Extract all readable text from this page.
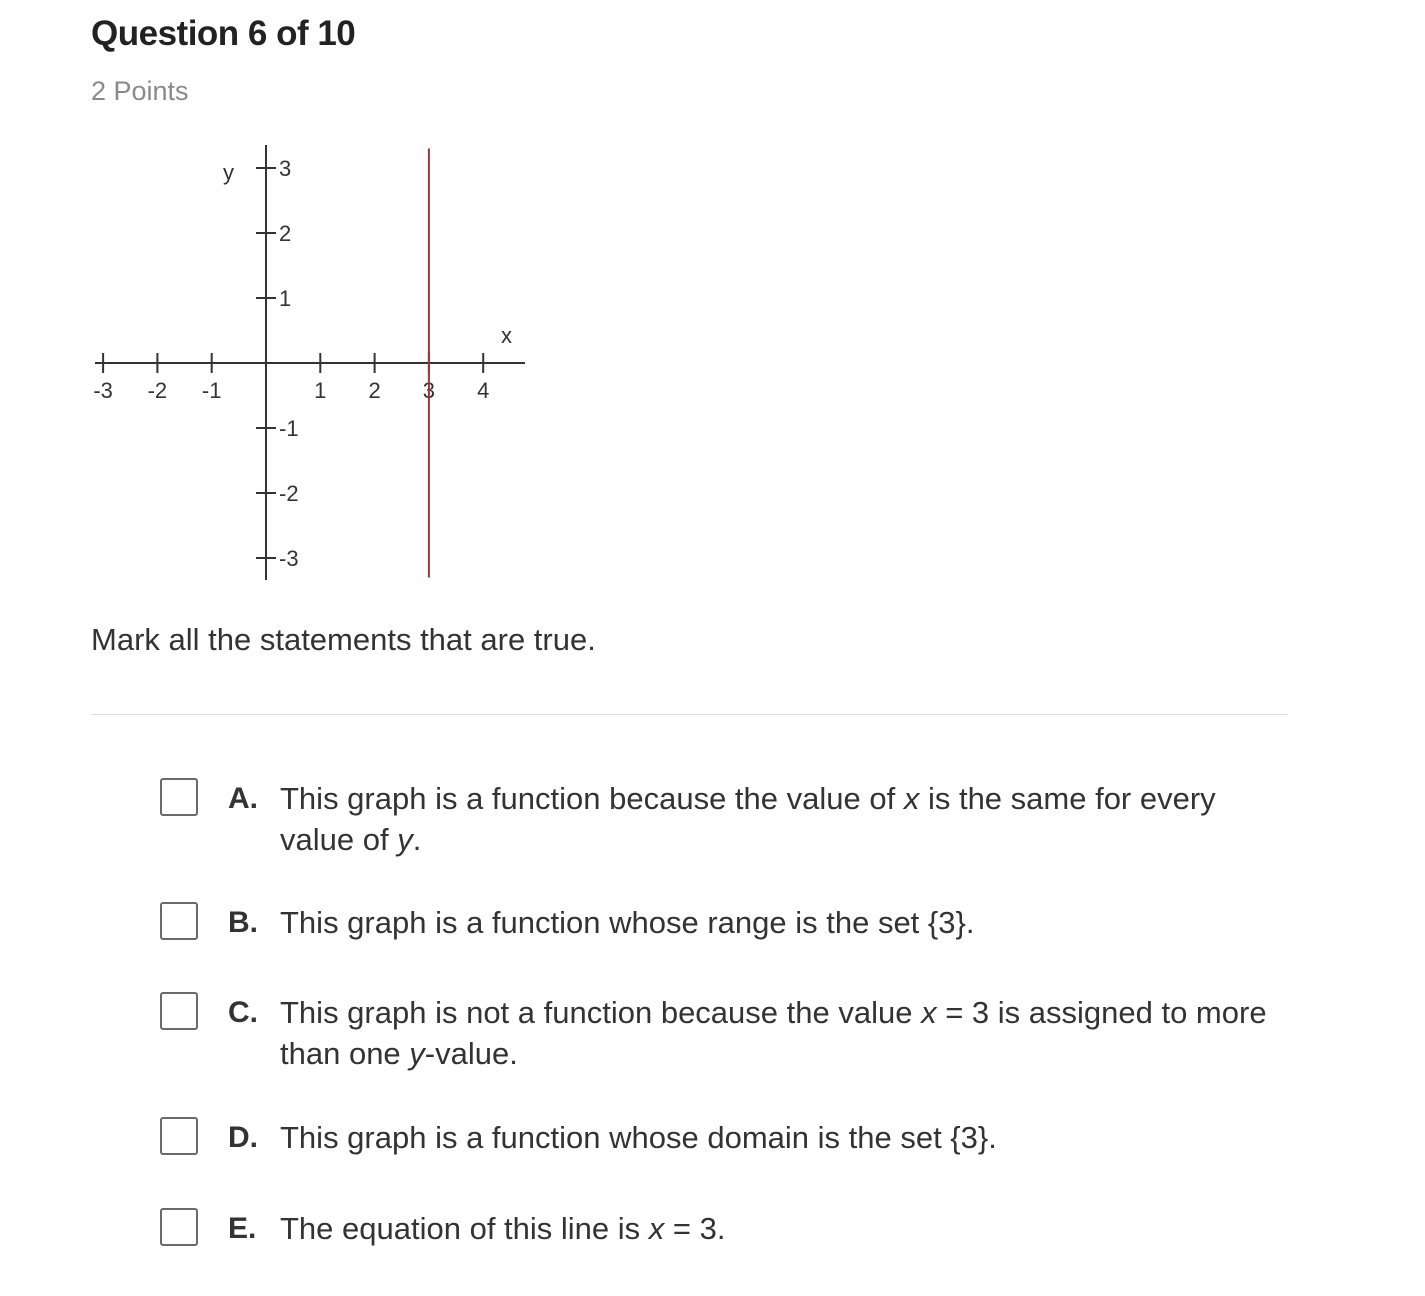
Question 6 of 10

2 Points

x
y
-3 -2 -1	1 2 3 4
3
2
1
-1
-2
-3

Mark all the statements that are true.

A. This graph is a function because the value of x is the same for every value of y.
B. This graph is a function whose range is the set {3}.
C. This graph is not a function because the value x = 3 is assigned to more than one y-value.
D. This graph is a function whose domain is the set {3}.
E. The equation of this line is x = 3.
